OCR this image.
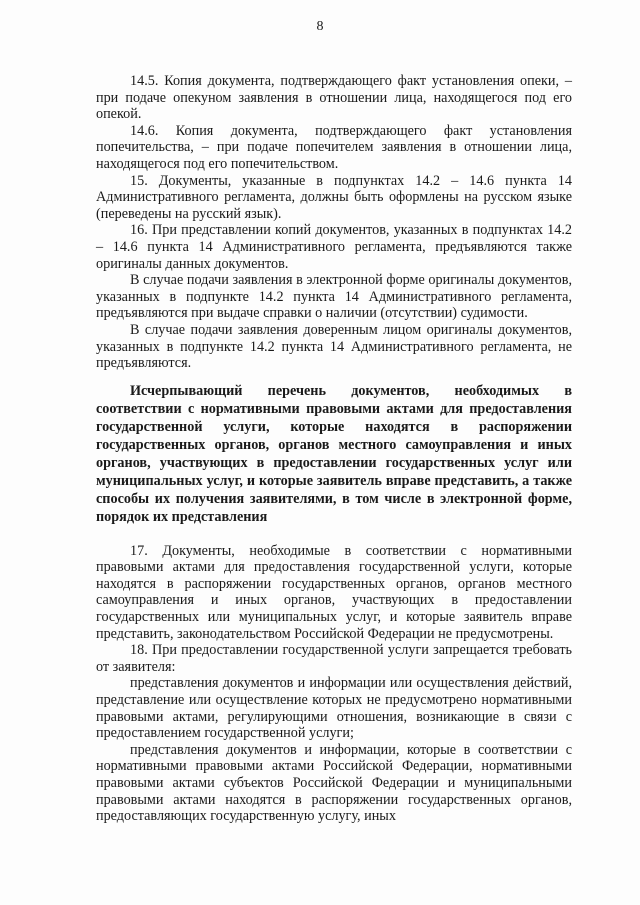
8

14.5. Копия документа, подтверждающего факт установления опеки, – при подаче опекуном заявления в отношении лица, находящегося под его опекой.

14.6. Копия документа, подтверждающего факт установления попечительства, – при подаче попечителем заявления в отношении лица, находящегося под его попечительством.

15. Документы, указанные в подпунктах 14.2 – 14.6 пункта 14 Административного регламента, должны быть оформлены на русском языке (переведены на русский язык).

16. При представлении копий документов, указанных в подпунктах 14.2 – 14.6 пункта 14 Административного регламента, предъявляются также оригиналы данных документов.

В случае подачи заявления в электронной форме оригиналы документов, указанных в подпункте 14.2 пункта 14 Административного регламента, предъявляются при выдаче справки о наличии (отсутствии) судимости.

В случае подачи заявления доверенным лицом оригиналы документов, указанных в подпункте 14.2 пункта 14 Административного регламента, не предъявляются.

Исчерпывающий перечень документов, необходимых в соответствии с нормативными правовыми актами для предоставления государственной услуги, которые находятся в распоряжении государственных органов, органов местного самоуправления и иных органов, участвующих в предоставлении государственных услуг или муниципальных услуг, и которые заявитель вправе представить, а также способы их получения заявителями, в том числе в электронной форме, порядок их представления

17. Документы, необходимые в соответствии с нормативными правовыми актами для предоставления государственной услуги, которые находятся в распоряжении государственных органов, органов местного самоуправления и иных органов, участвующих в предоставлении государственных или муниципальных услуг, и которые заявитель вправе представить, законодательством Российской Федерации не предусмотрены.

18. При предоставлении государственной услуги запрещается требовать от заявителя:

представления документов и информации или осуществления действий, представление или осуществление которых не предусмотрено нормативными правовыми актами, регулирующими отношения, возникающие в связи с предоставлением государственной услуги;

представления документов и информации, которые в соответствии с нормативными правовыми актами Российской Федерации, нормативными правовыми актами субъектов Российской Федерации и муниципальными правовыми актами находятся в распоряжении государственных органов, предоставляющих государственную услугу, иных
